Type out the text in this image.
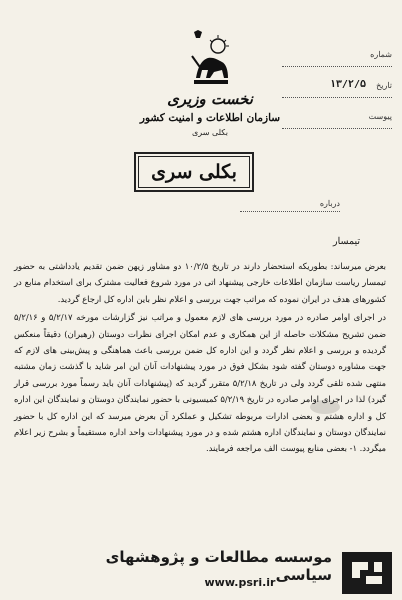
نخست وزیری
سازمان اطلاعات و امنیت کشور
بکلی سری
بکلی سری
شماره
تاریخ
۱۳/۲/۵
پیوست
درباره
تیمسار

بعرض میرساند: بطوریکه استحضار دارند در تاریخ ۱۰/۲/۵ دو مشاور زیهن ضمن تقدیم یادداشتی به حضور تیمسار ریاست سازمان اطلاعات خارجی پیشنهاد اتی در مورد شروع فعالیت مشترک برای استخدام منابع در کشورهای هدف در ایران نموده که مراتب جهت بررسی و اعلام نظر باین اداره کل ارجاع گردید.

در اجرای اوامر صادره در مورد بررسی های لازم معمول و مراتب نیز گزارشات مورخه ۵/۲/۱۷ و ۵/۲/۱۶ ضمن تشریح مشکلات حاصله از این همکاری و عدم امکان اجرای نظرات دوستان (رهبران) دقیقاً منعکس گردیده و بررسی و اعلام نظر گردد و این اداره کل ضمن بررسی باعث هماهنگی و پیش‌بینی های لازم که جهت مشاوره دوستان گفته شود بشکل فوق در مورد پیشنهادات آنان این امر شاید با گذشت زمان مشتبه منتهی شده تلقی گردد ولی در تاریخ ۵/۲/۱۸ متقرر گردید که (پیشنهادات آنان باید رسماً مورد بررسی قرار گیرد) لذا در اجرای اوامر صادره در تاریخ ۵/۲/۱۹ کمیسیونی با حضور نمایندگان دوستان و نمایندگان این اداره کل و اداره هشتم و بعضی ادارات مربوطه تشکیل و عملکرد آن بعرض میرسد که این اداره کل با حضور نمایندگان دوستان و نمایندگان اداره هشتم شده و در مورد پیشنهادات واحد اداره مستقیماً و بشرح زیر اعلام میگردد. ۱- بعضی منابع پیوست الف مراجعه فرمایند.

موسسه مطالعات و پژوهشهای سیاسی
www.psri.ir
